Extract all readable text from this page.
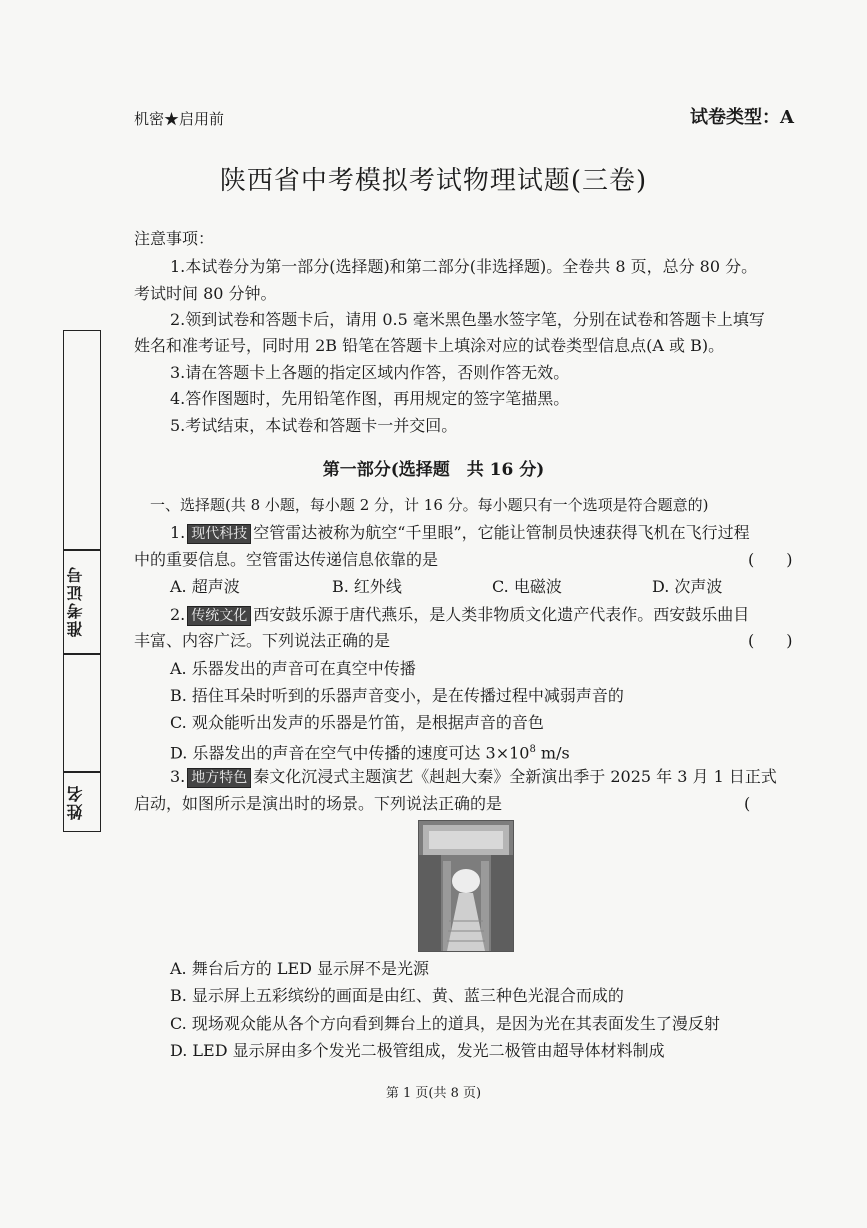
机密★启用前	试卷类型：A
陕西省中考模拟考试物理试题(三卷)
准考证号
姓名
注意事项：
1.本试卷分为第一部分(选择题)和第二部分(非选择题)。全卷共 8 页，总分 80 分。
考试时间 80 分钟。
2.领到试卷和答题卡后，请用 0.5 毫米黑色墨水签字笔，分别在试卷和答题卡上填写
姓名和准考证号，同时用 2B 铅笔在答题卡上填涂对应的试卷类型信息点(A 或 B)。
3.请在答题卡上各题的指定区域内作答，否则作答无效。
4.答作图题时，先用铅笔作图，再用规定的签字笔描黑。
5.考试结束，本试卷和答题卡一并交回。
第一部分(选择题　共 16 分)
一、选择题(共 8 小题，每小题 2 分，计 16 分。每小题只有一个选项是符合题意的)
1. 现代科技 空管雷达被称为航空“千里眼”，它能让管制员快速获得飞机在飞行过程
中的重要信息。空管雷达传递信息依靠的是	(　　)
A. 超声波	B. 红外线	C. 电磁波	D. 次声波
2. 传统文化 西安鼓乐源于唐代燕乐，是人类非物质文化遗产代表作。西安鼓乐曲目
丰富、内容广泛。下列说法正确的是	(　　)
A. 乐器发出的声音可在真空中传播
B. 捂住耳朵时听到的乐器声音变小，是在传播过程中减弱声音的
C. 观众能听出发声的乐器是竹笛，是根据声音的音色
D. 乐器发出的声音在空气中传播的速度可达 $3\times 10^8$ m/s
3. 地方特色 秦文化沉浸式主题演艺《赳赳大秦》全新演出季于 2025 年 3 月 1 日正式
启动，如图所示是演出时的场景。下列说法正确的是	(
A. 舞台后方的 LED 显示屏不是光源
B. 显示屏上五彩缤纷的画面是由红、黄、蓝三种色光混合而成的
C. 现场观众能从各个方向看到舞台上的道具，是因为光在其表面发生了漫反射
D. LED 显示屏由多个发光二极管组成，发光二极管由超导体材料制成
第 1 页(共 8 页)
